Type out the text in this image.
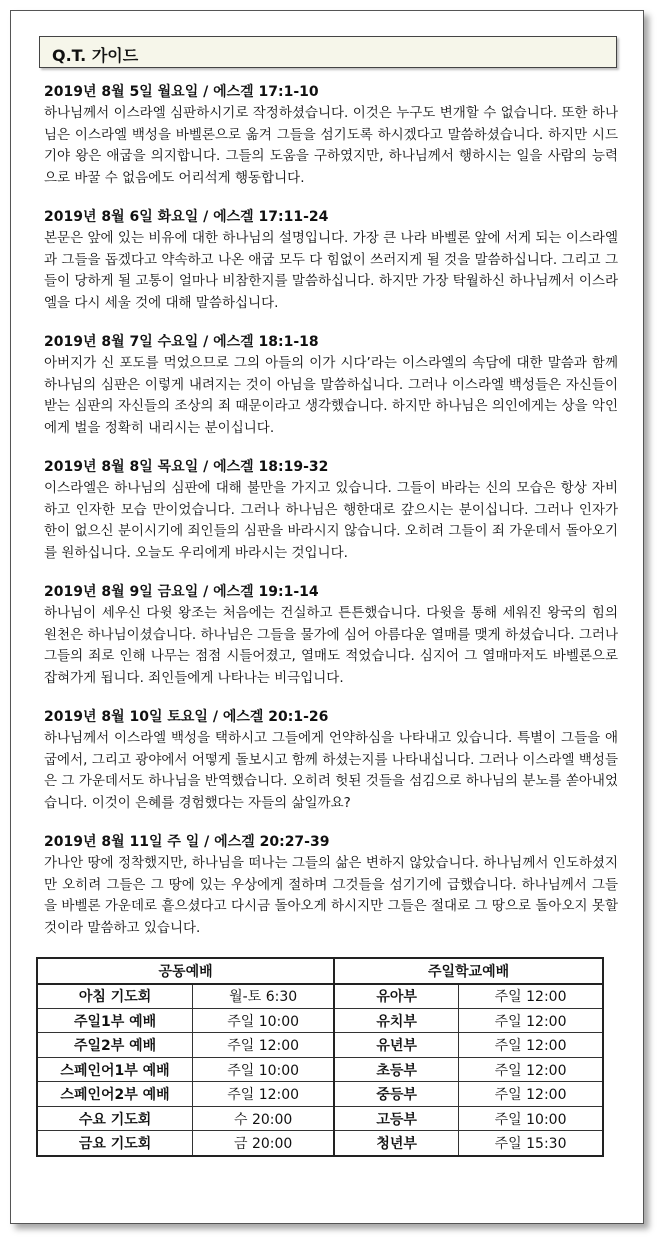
Q.T. 가이드
2019년 8월 5일 월요일 / 에스겔 17:1-10
하나님께서 이스라엘 심판하시기로 작정하셨습니다. 이것은 누구도 변개할 수 없습니다. 또한 하나님은 이스라엘 백성을 바벨론으로 옮겨 그들을 섬기도록 하시겠다고 말씀하셨습니다. 하지만 시드기야 왕은 애굽을 의지합니다. 그들의 도움을 구하였지만, 하나님께서 행하시는 일을 사람의 능력으로 바꿀 수 없음에도 어리석게 행동합니다.
2019년 8월 6일 화요일 / 에스겔 17:11-24
본문은 앞에 있는 비유에 대한 하나님의 설명입니다. 가장 큰 나라 바벨론 앞에 서게 되는 이스라엘과 그들을 돕겠다고 약속하고 나온 애굽 모두 다 힘없이 쓰러지게 될 것을 말씀하십니다. 그리고 그들이 당하게 될 고통이 얼마나 비참한지를 말씀하십니다. 하지만 가장 탁월하신 하나님께서 이스라엘을 다시 세울 것에 대해 말씀하십니다.
2019년 8월 7일 수요일 / 에스겔 18:1-18
아버지가 신 포도를 먹었으므로 그의 아들의 이가 시다’라는 이스라엘의 속담에 대한 말씀과 함께 하나님의 심판은 이렇게 내려지는 것이 아님을 말씀하십니다. 그러나 이스라엘 백성들은 자신들이 받는 심판의 자신들의 조상의 죄 때문이라고 생각했습니다. 하지만 하나님은 의인에게는 상을 악인에게 벌을 정확히 내리시는 분이십니다.
2019년 8월 8일 목요일 / 에스겔 18:19-32
이스라엘은 하나님의 심판에 대해 불만을 가지고 있습니다. 그들이 바라는 신의 모습은 항상 자비하고 인자한 모습 만이었습니다. 그러나 하나님은 행한대로 갚으시는 분이십니다. 그러나 인자가 한이 없으신 분이시기에 죄인들의 심판을 바라시지 않습니다. 오히려 그들이 죄 가운데서 돌아오기를 원하십니다. 오늘도 우리에게 바라시는 것입니다.
2019년 8월 9일 금요일 / 에스겔 19:1-14
하나님이 세우신 다윗 왕조는 처음에는 건실하고 튼튼했습니다. 다윗을 통해 세워진 왕국의 힘의 원천은 하나님이셨습니다. 하나님은 그들을 물가에 심어 아름다운 열매를 맺게 하셨습니다. 그러나 그들의 죄로 인해 나무는 점점 시들어졌고, 열매도 적었습니다. 심지어 그 열매마저도 바벨론으로 잡혀가게 됩니다. 죄인들에게 나타나는 비극입니다.
2019년 8월 10일 토요일 / 에스겔 20:1-26
하나님께서 이스라엘 백성을 택하시고 그들에게 언약하심을 나타내고 있습니다. 특별이 그들을 애굽에서, 그리고 광야에서 어떻게 돌보시고 함께 하셨는지를 나타내십니다. 그러나 이스라엘 백성들은 그 가운데서도 하나님을 반역했습니다. 오히려 헛된 것들을 섬김으로 하나님의 분노를 쏟아내었습니다. 이것이 은혜를 경험했다는 자들의 삶일까요?
2019년 8월 11일 주 일 / 에스겔 20:27-39
가나안 땅에 정착했지만, 하나님을 떠나는 그들의 삶은 변하지 않았습니다. 하나님께서 인도하셨지만 오히려 그들은 그 땅에 있는 우상에게 절하며 그것들을 섬기기에 급했습니다. 하나님께서 그들을 바벨론 가운데로 흩으셨다고 다시금 돌아오게 하시지만 그들은 절대로 그 땅으로 돌아오지 못할 것이라 말씀하고 있습니다.
공동예배		주일학교예배	
아침 기도회	월-토 6:30	유아부	주일 12:00
주일1부 예배	주일 10:00	유치부	주일 12:00
주일2부 예배	주일 12:00	유년부	주일 12:00
스페인어1부 예배	주일 10:00	초등부	주일 12:00
스페인어2부 예배	주일 12:00	중등부	주일 12:00
수요 기도회	수 20:00	고등부	주일 10:00
금요 기도회	금 20:00	청년부	주일 15:30
